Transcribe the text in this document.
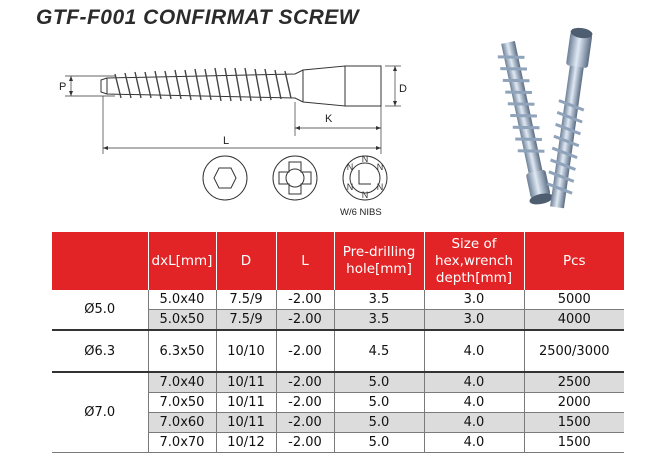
GTF-F001 CONFIRMAT SCREW
N
N
N
N
N
N
P	D
K
L
W/6 NIBS
	dxL[mm]	D	L	Pre-drilling hole[mm]	Size of hex,wrench depth[mm]	Pcs
Ø5.0	5.0x40	7.5/9	-2.00	3.5	3.0	5000
	5.0x50	7.5/9	-2.00	3.5	3.0	4000
Ø6.3	6.3x50	10/10	-2.00	4.5	4.0	2500/3000
Ø7.0	7.0x40	10/11	-2.00	5.0	4.0	2500
	7.0x50	10/11	-2.00	5.0	4.0	2000
	7.0x60	10/11	-2.00	5.0	4.0	1500
	7.0x70	10/12	-2.00	5.0	4.0	1500
